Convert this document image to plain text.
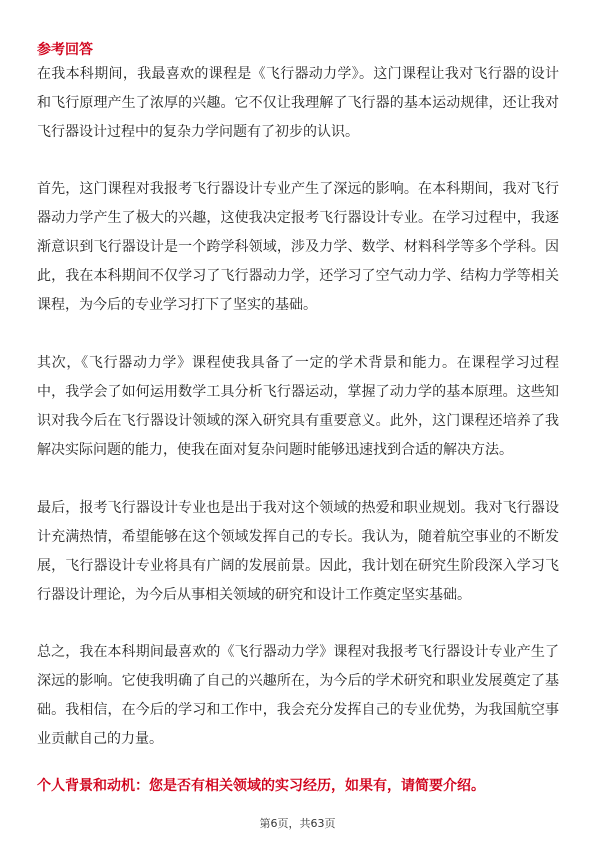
参考回答

在我本科期间，我最喜欢的课程是《飞行器动力学》。这门课程让我对飞行器的设计和飞行原理产生了浓厚的兴趣。它不仅让我理解了飞行器的基本运动规律，还让我对飞行器设计过程中的复杂力学问题有了初步的认识。

首先，这门课程对我报考飞行器设计专业产生了深远的影响。在本科期间，我对飞行器动力学产生了极大的兴趣，这使我决定报考飞行器设计专业。在学习过程中，我逐渐意识到飞行器设计是一个跨学科领域，涉及力学、数学、材料科学等多个学科。因此，我在本科期间不仅学习了飞行器动力学，还学习了空气动力学、结构力学等相关课程，为今后的专业学习打下了坚实的基础。

其次，《飞行器动力学》课程使我具备了一定的学术背景和能力。在课程学习过程中，我学会了如何运用数学工具分析飞行器运动，掌握了动力学的基本原理。这些知识对我今后在飞行器设计领域的深入研究具有重要意义。此外，这门课程还培养了我解决实际问题的能力，使我在面对复杂问题时能够迅速找到合适的解决方法。

最后，报考飞行器设计专业也是出于我对这个领域的热爱和职业规划。我对飞行器设计充满热情，希望能够在这个领域发挥自己的专长。我认为，随着航空事业的不断发展，飞行器设计专业将具有广阔的发展前景。因此，我计划在研究生阶段深入学习飞行器设计理论，为今后从事相关领域的研究和设计工作奠定坚实基础。

总之，我在本科期间最喜欢的《飞行器动力学》课程对我报考飞行器设计专业产生了深远的影响。它使我明确了自己的兴趣所在，为今后的学术研究和职业发展奠定了基础。我相信，在今后的学习和工作中，我会充分发挥自己的专业优势，为我国航空事业贡献自己的力量。

个人背景和动机：您是否有相关领域的实习经历，如果有，请简要介绍。

第6页，共63页
